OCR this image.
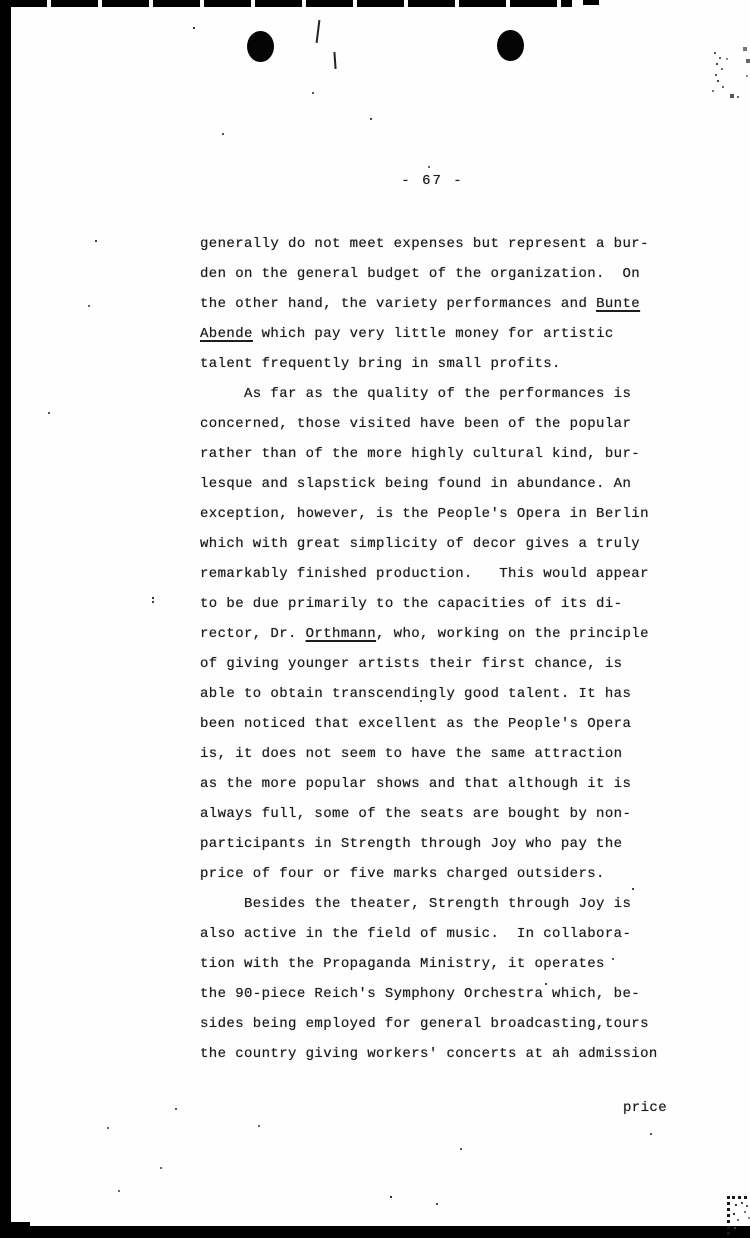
- 67 -
generally do not meet expenses but represent a bur-
den on the general budget of the organization.  On
the other hand, the variety performances and Bunte
Abende which pay very little money for artistic
talent frequently bring in small profits.
As far as the quality of the performances is
concerned, those visited have been of the popular
rather than of the more highly cultural kind, bur-
lesque and slapstick being found in abundance. An
exception, however, is the People's Opera in Berlin
which with great simplicity of decor gives a truly
remarkably finished production.   This would appear
to be due primarily to the capacities of its di-
rector, Dr. Orthmann, who, working on the principle
of giving younger artists their first chance, is
able to obtain transcendingly good talent. It has
been noticed that excellent as the People's Opera
is, it does not seem to have the same attraction
as the more popular shows and that although it is
always full, some of the seats are bought by non-
participants in Strength through Joy who pay the
price of four or five marks charged outsiders.
Besides the theater, Strength through Joy is
also active in the field of music.  In collabora-
tion with the Propaganda Ministry, it operates
the 90-piece Reich's Symphony Orchestra which, be-
sides being employed for general broadcasting,tours
the country giving workers' concerts at an admission
price
